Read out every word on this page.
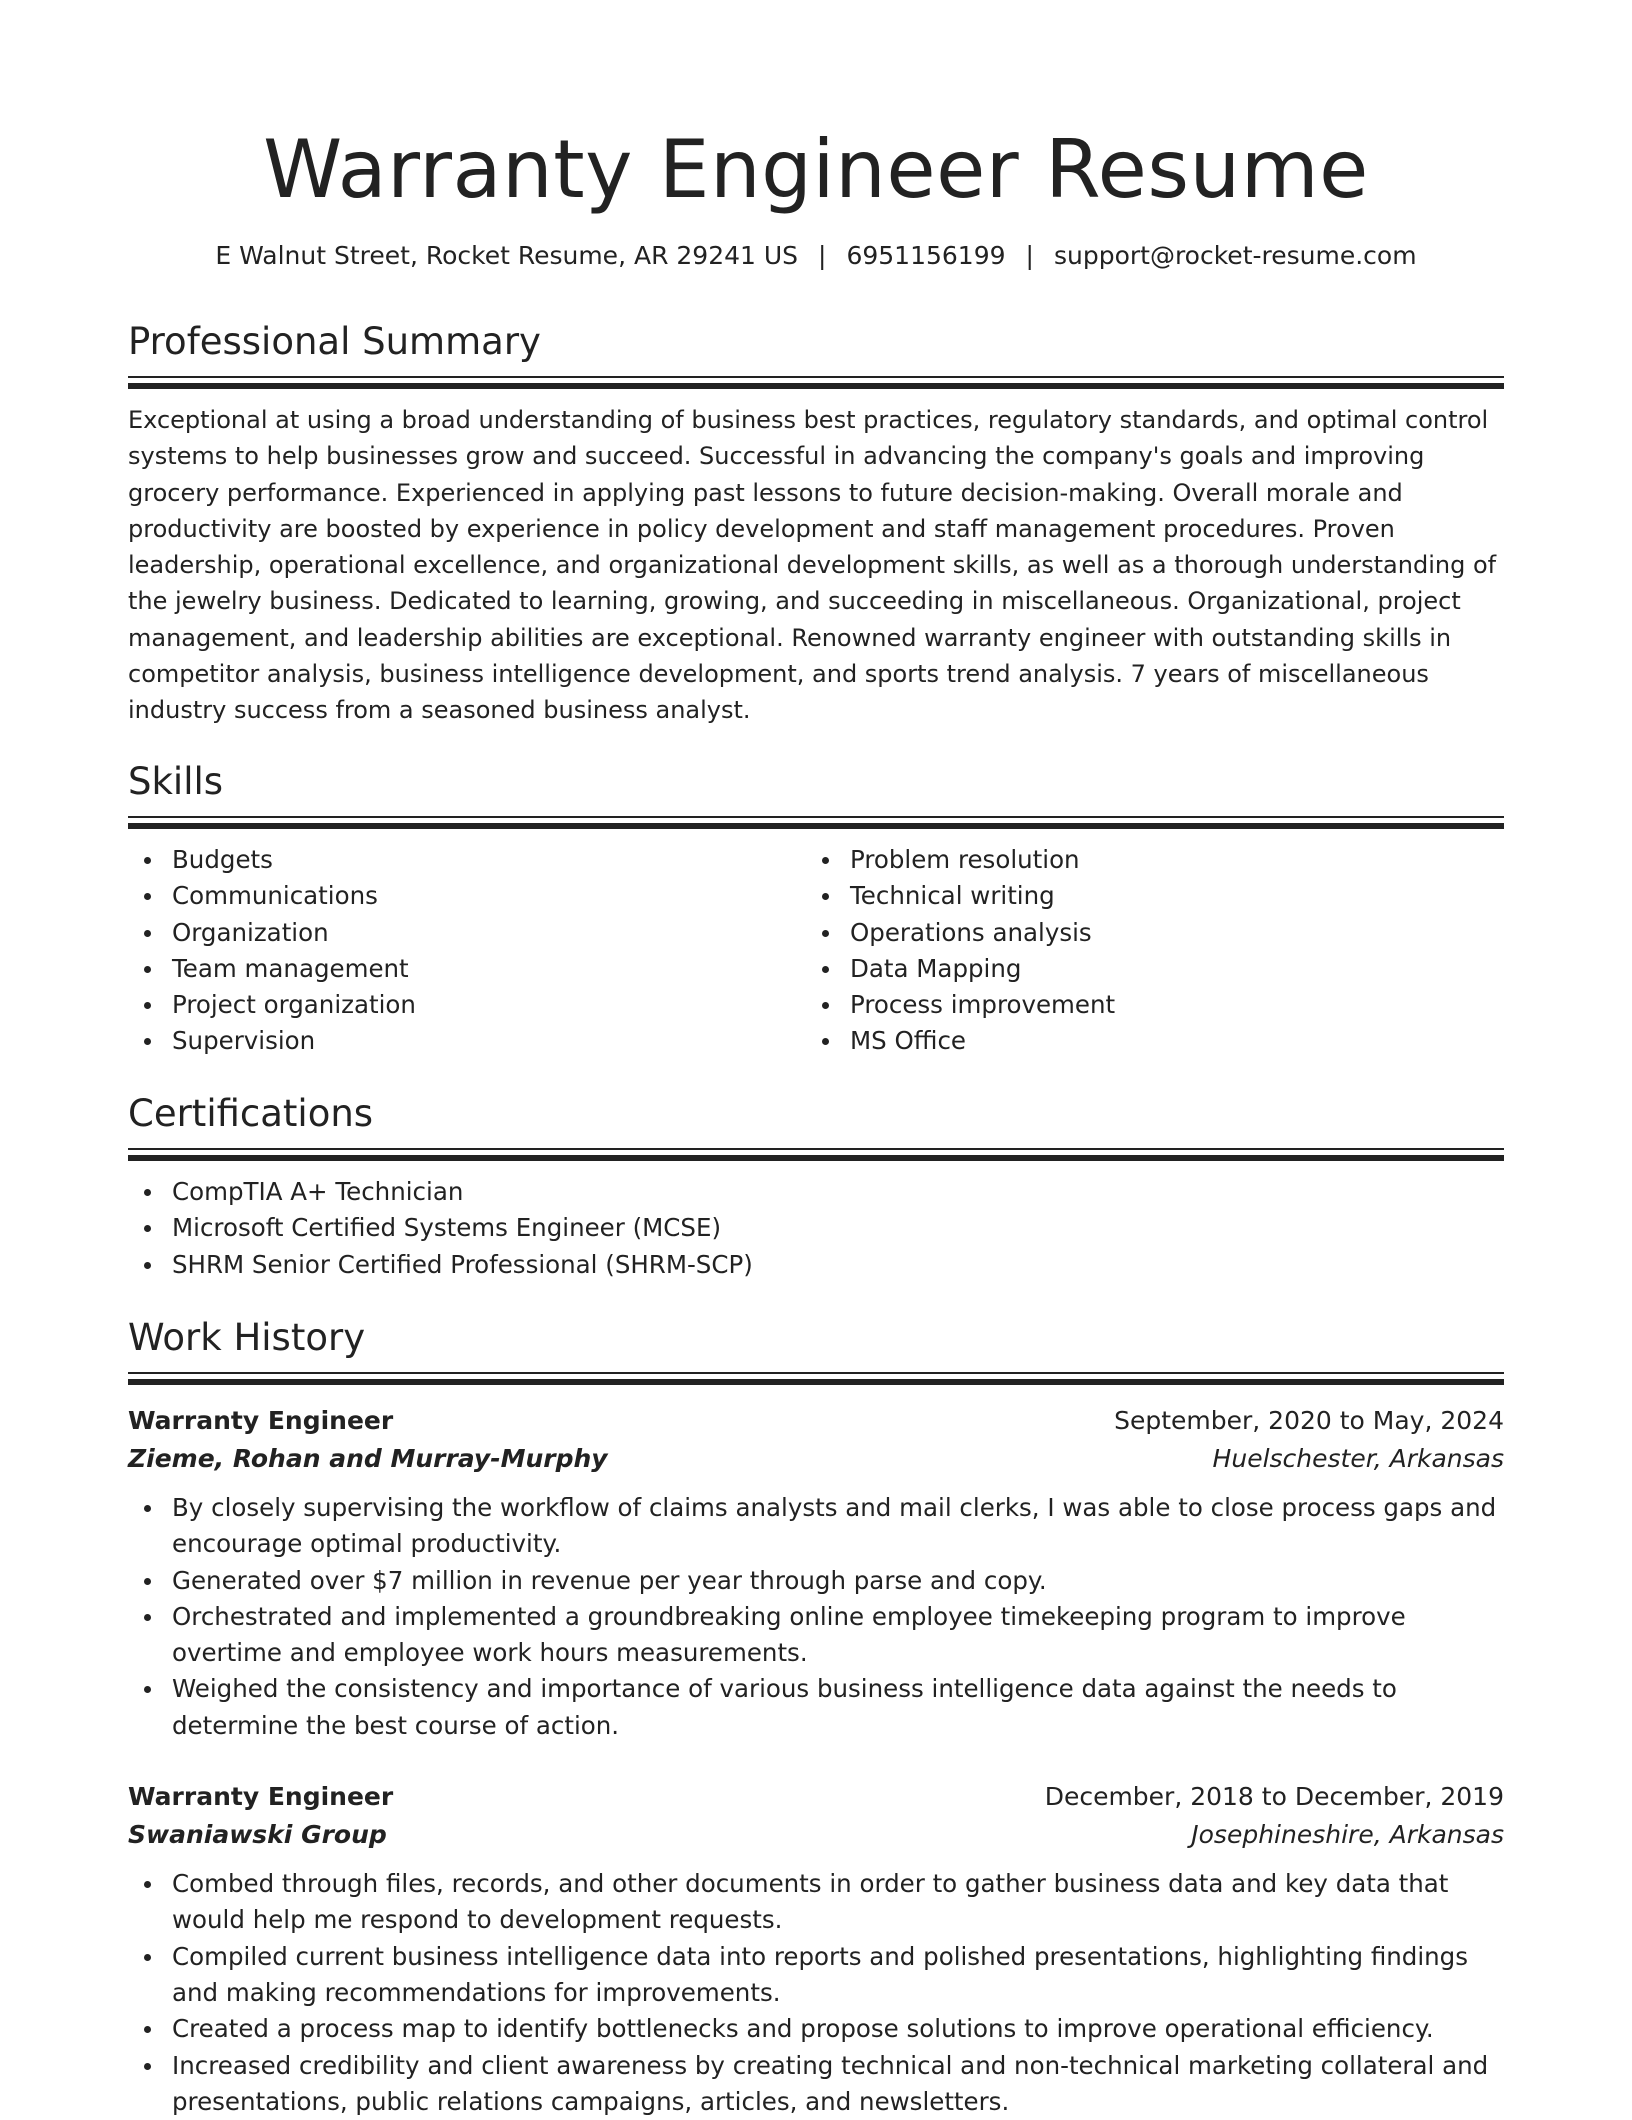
Warranty Engineer Resume
E Walnut Street, Rocket Resume, AR 29241 US | 6951156199 | support@rocket-resume.com
Professional Summary

Exceptional at using a broad understanding of business best practices, regulatory standards, and optimal control systems to help businesses grow and succeed. Successful in advancing the company's goals and improving grocery performance. Experienced in applying past lessons to future decision-making. Overall morale and productivity are boosted by experience in policy development and staff management procedures. Proven leadership, operational excellence, and organizational development skills, as well as a thorough understanding of the jewelry business. Dedicated to learning, growing, and succeeding in miscellaneous. Organizational, project management, and leadership abilities are exceptional. Renowned warranty engineer with outstanding skills in competitor analysis, business intelligence development, and sports trend analysis. 7 years of miscellaneous industry success from a seasoned business analyst.

Skills
Budgets
Communications
Organization
Team management
Project organization
Supervision
Problem resolution
Technical writing
Operations analysis
Data Mapping
Process improvement
MS Office
Certifications
CompTIA A+ Technician
Microsoft Certified Systems Engineer (MCSE)
SHRM Senior Certified Professional (SHRM-SCP)
Work History
Warranty Engineer	September, 2020 to May, 2024
Zieme, Rohan and Murray-Murphy	Huelschester, Arkansas
By closely supervising the workflow of claims analysts and mail clerks, I was able to close process gaps and encourage optimal productivity.
Generated over $7 million in revenue per year through parse and copy.
Orchestrated and implemented a groundbreaking online employee timekeeping program to improve overtime and employee work hours measurements.
Weighed the consistency and importance of various business intelligence data against the needs to determine the best course of action.
Warranty Engineer	December, 2018 to December, 2019
Swaniawski Group	Josephineshire, Arkansas
Combed through files, records, and other documents in order to gather business data and key data that would help me respond to development requests.
Compiled current business intelligence data into reports and polished presentations, highlighting findings and making recommendations for improvements.
Created a process map to identify bottlenecks and propose solutions to improve operational efficiency.
Increased credibility and client awareness by creating technical and non-technical marketing collateral and presentations, public relations campaigns, articles, and newsletters.
